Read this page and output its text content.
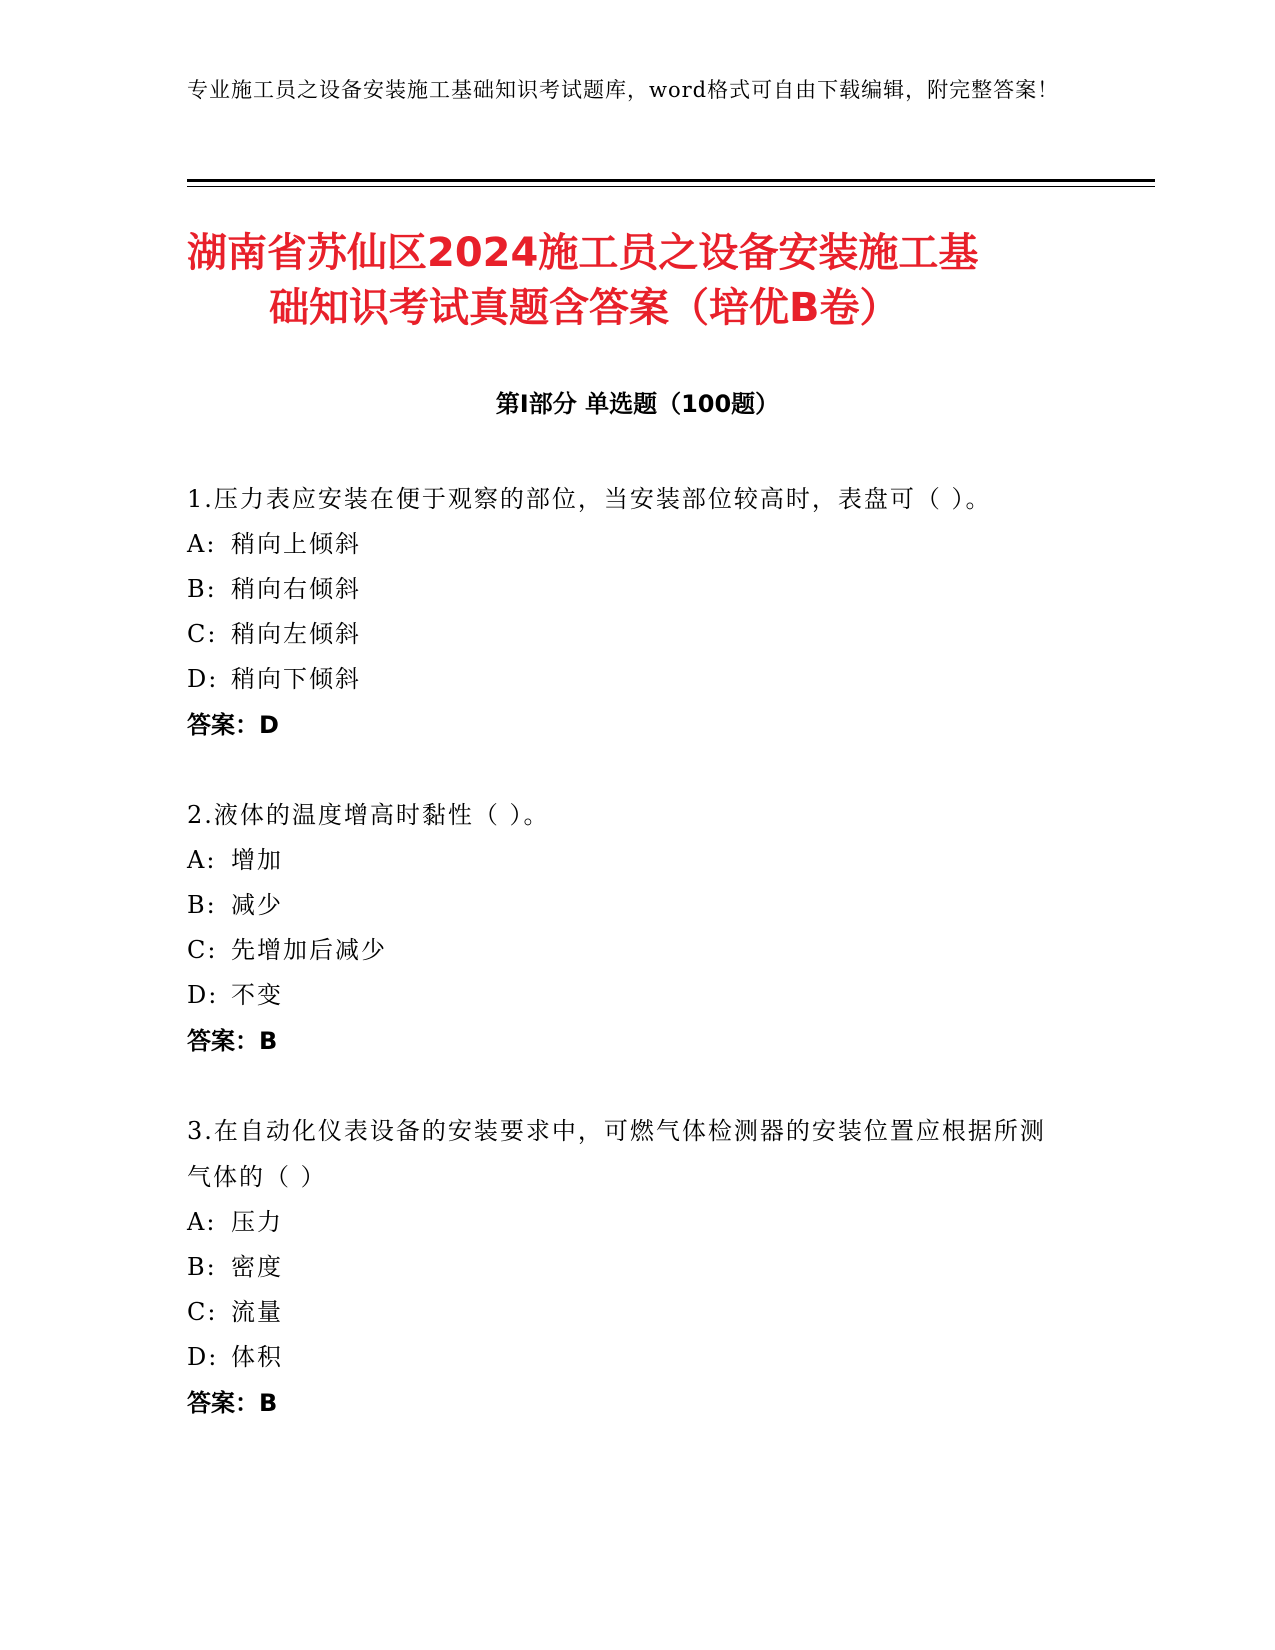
专业施工员之设备安装施工基础知识考试题库，word格式可自由下载编辑，附完整答案！
湖南省苏仙区2024施工员之设备安装施工基
础知识考试真题含答案（培优B卷）
第I部分 单选题（100题）
1.压力表应安装在便于观察的部位，当安装部位较高时，表盘可（ ）。
A: 稍向上倾斜
B: 稍向右倾斜
C: 稍向左倾斜
D: 稍向下倾斜
答案：D
2.液体的温度增高时黏性（ ）。
A: 增加
B: 减少
C: 先增加后减少
D: 不变
答案：B
3.在自动化仪表设备的安装要求中，可燃气体检测器的安装位置应根据所测气体的（ ）
A: 压力
B: 密度
C: 流量
D: 体积
答案：B
